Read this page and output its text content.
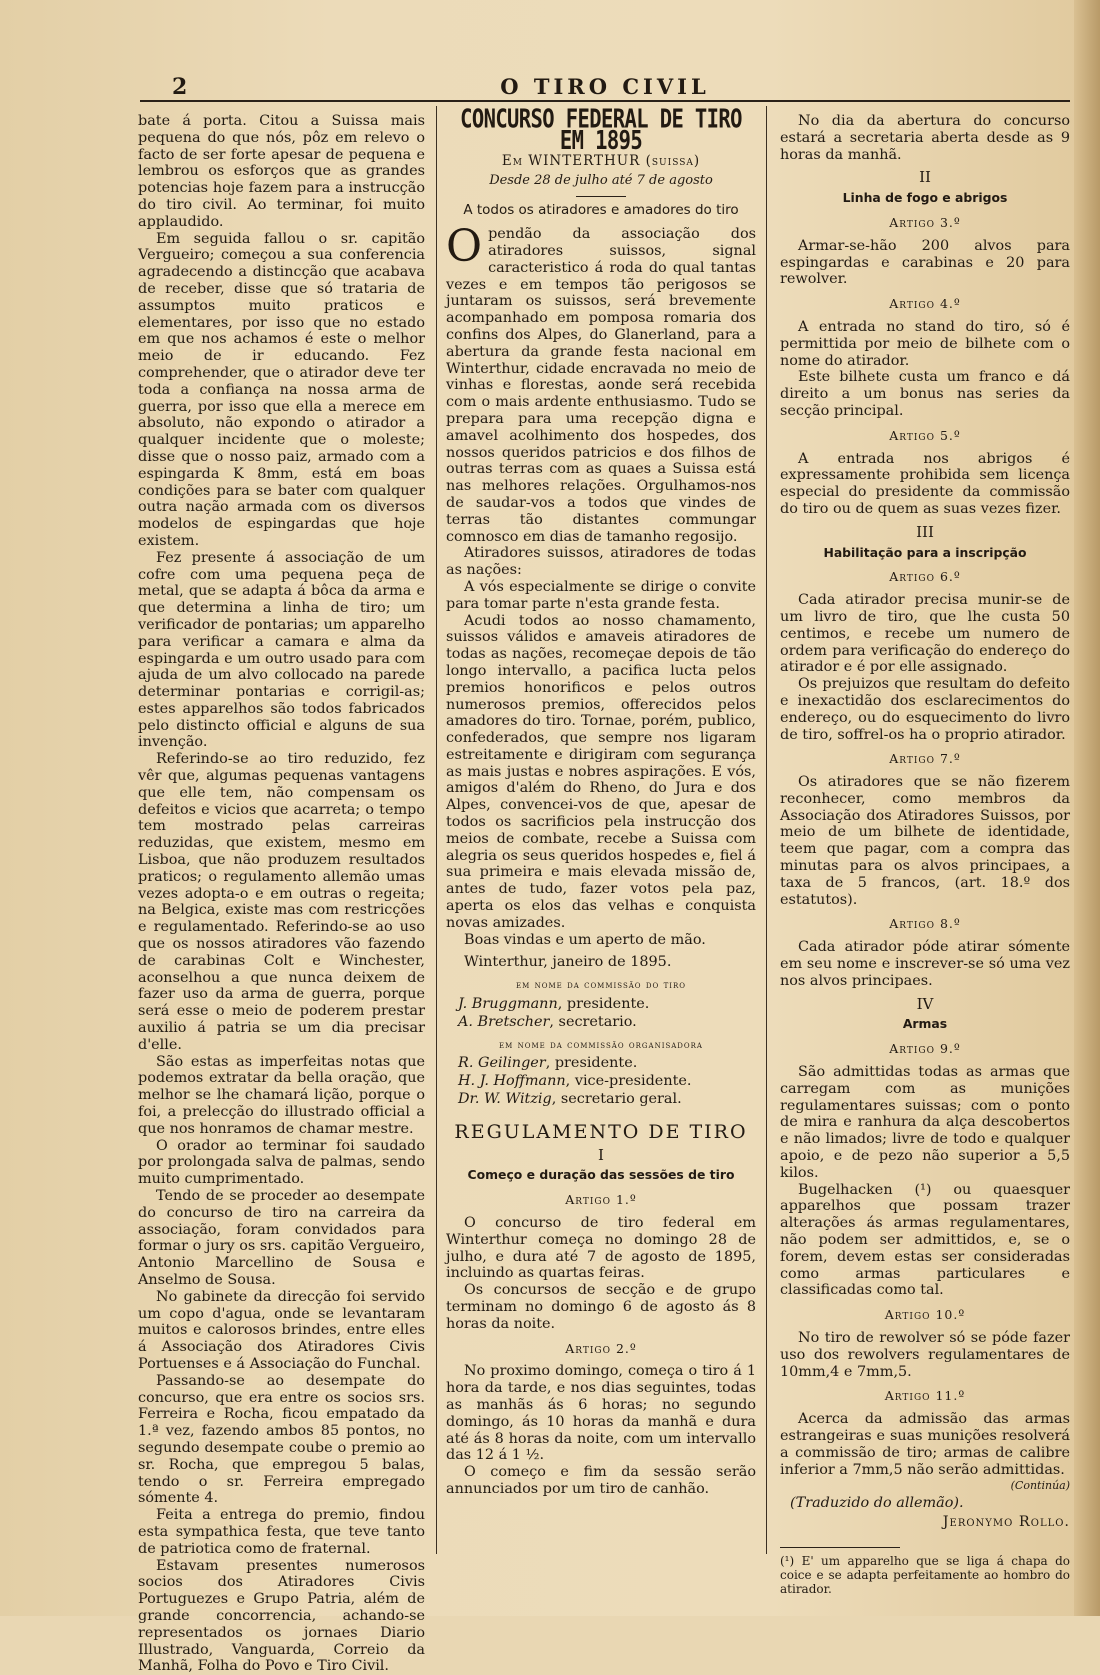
2	O TIRO CIVIL

bate á porta. Citou a Suissa mais pequena do que nós, pôz em relevo o facto de ser forte apesar de pequena e lembrou os esforços que as grandes potencias hoje fazem para a instrucção do tiro civil. Ao terminar, foi muito applaudido.

Em seguida fallou o sr. capitão Vergueiro; começou a sua conferencia agradecendo a distincção que acabava de receber, disse que só trataria de assumptos muito praticos e elementares, por isso que no estado em que nos achamos é este o melhor meio de ir educando. Fez comprehender, que o atirador deve ter toda a confiança na nossa arma de guerra, por isso que ella a merece em absoluto, não expondo o atirador a qualquer incidente que o moleste; disse que o nosso paiz, armado com a espingarda K 8mm, está em boas condições para se bater com qualquer outra nação armada com os diversos modelos de espingardas que hoje existem.

Fez presente á associação de um cofre com uma pequena peça de metal, que se adapta á bôca da arma e que determina a linha de tiro; um verificador de pontarias; um apparelho para verificar a camara e alma da espingarda e um outro usado para com ajuda de um alvo collocado na parede determinar pontarias e corrigil-as; estes apparelhos são todos fabricados pelo distincto official e alguns de sua invenção.

Referindo-se ao tiro reduzido, fez vêr que, algumas pequenas vantagens que elle tem, não compensam os defeitos e vicios que acarreta; o tempo tem mostrado pelas carreiras reduzidas, que existem, mesmo em Lisboa, que não produzem resultados praticos; o regulamento allemão umas vezes adopta-o e em outras o regeita; na Belgica, existe mas com restricções e regulamentado. Referindo-se ao uso que os nossos atiradores vão fazendo de carabinas Colt e Winchester, aconselhou a que nunca deixem de fazer uso da arma de guerra, porque será esse o meio de poderem prestar auxilio á patria se um dia precisar d'elle.

São estas as imperfeitas notas que podemos extratar da bella oração, que melhor se lhe chamará lição, porque o foi, a prelecção do illustrado official a que nos honramos de chamar mestre.

O orador ao terminar foi saudado por prolongada salva de palmas, sendo muito cumprimentado.

Tendo de se proceder ao desempate do concurso de tiro na carreira da associação, foram convidados para formar o jury os srs. capitão Vergueiro, Antonio Marcellino de Sousa e Anselmo de Sousa.

No gabinete da direcção foi servido um copo d'agua, onde se levantaram muitos e calorosos brindes, entre elles á Associação dos Atiradores Civis Portuenses e á Associação do Funchal.

Passando-se ao desempate do concurso, que era entre os socios srs. Ferreira e Rocha, ficou empatado da 1.ª vez, fazendo ambos 85 pontos, no segundo desempate coube o premio ao sr. Rocha, que empregou 5 balas, tendo o sr. Ferreira empregado sómente 4.

Feita a entrega do premio, findou esta sympathica festa, que teve tanto de patriotica como de fraternal.

Estavam presentes numerosos socios dos Atiradores Civis Portuguezes e Grupo Patria, além de grande concorrencia, achando-se representados os jornaes Diario Illustrado, Vanguarda, Correio da Manhã, Folha do Povo e Tiro Civil.

CONCURSO FEDERAL DE TIRO EM 1895
Em WINTERTHUR (suissa)
Desde 28 de julho até 7 de agosto
A todos os atiradores e amadores do tiro

Opendão da associação dos atiradores suissos, signal caracteristico á roda do qual tantas vezes e em tempos tão perigosos se juntaram os suissos, será brevemente acompanhado em pomposa romaria dos confins dos Alpes, do Glanerland, para a abertura da grande festa nacional em Winterthur, cidade encravada no meio de vinhas e florestas, aonde será recebida com o mais ardente enthusiasmo. Tudo se prepara para uma recepção digna e amavel acolhimento dos hospedes, dos nossos queridos patricios e dos filhos de outras terras com as quaes a Suissa está nas melhores relações. Orgulhamos-nos de saudar-vos a todos que vindes de terras tão distantes commungar comnosco em dias de tamanho regosijo.

Atiradores suissos, atiradores de todas as nações:

A vós especialmente se dirige o convite para tomar parte n'esta grande festa.

Acudi todos ao nosso chamamento, suissos válidos e amaveis atiradores de todas as nações, recomeçae depois de tão longo intervallo, a pacifica lucta pelos premios honorificos e pelos outros numerosos premios, offerecidos pelos amadores do tiro. Tornae, porém, publico, confederados, que sempre nos ligaram estreitamente e dirigiram com segurança as mais justas e nobres aspirações. E vós, amigos d'além do Rheno, do Jura e dos Alpes, convencei-vos de que, apesar de todos os sacrificios pela instrucção dos meios de combate, recebe a Suissa com alegria os seus queridos hospedes e, fiel á sua primeira e mais elevada missão de, antes de tudo, fazer votos pela paz, aperta os elos das velhas e conquista novas amizades.

Boas vindas e um aperto de mão.

Winterthur, janeiro de 1895.

em nome da commissão do tiro
J. Bruggmann, presidente.
A. Bretscher, secretario.
em nome da commissão organisadora
R. Geilinger, presidente.
H. J. Hoffmann, vice-presidente.
Dr. W. Witzig, secretario geral.
REGULAMENTO DE TIRO
I
Começo e duração das sessões de tiro
Artigo 1.º

O concurso de tiro federal em Winterthur começa no domingo 28 de julho, e dura até 7 de agosto de 1895, incluindo as quartas feiras.

Os concursos de secção e de grupo terminam no domingo 6 de agosto ás 8 horas da noite.

Artigo 2.º

No proximo domingo, começa o tiro á 1 hora da tarde, e nos dias seguintes, todas as manhãs ás 6 horas; no segundo domingo, ás 10 horas da manhã e dura até ás 8 horas da noite, com um intervallo das 12 á 1 ½.

O começo e fim da sessão serão annunciados por um tiro de canhão.

No dia da abertura do concurso estará a secretaria aberta desde as 9 horas da manhã.

II
Linha de fogo e abrigos
Artigo 3.º

Armar-se-hão 200 alvos para espingardas e carabinas e 20 para rewolver.

Artigo 4.º

A entrada no stand do tiro, só é permittida por meio de bilhete com o nome do atirador.

Este bilhete custa um franco e dá direito a um bonus nas series da secção principal.

Artigo 5.º

A entrada nos abrigos é expressamente prohibida sem licença especial do presidente da commissão do tiro ou de quem as suas vezes fizer.

III
Habilitação para a inscripção
Artigo 6.º

Cada atirador precisa munir-se de um livro de tiro, que lhe custa 50 centimos, e recebe um numero de ordem para verificação do endereço do atirador e é por elle assignado.

Os prejuizos que resultam do defeito e inexactidão dos esclarecimentos do endereço, ou do esquecimento do livro de tiro, soffrel-os ha o proprio atirador.

Artigo 7.º

Os atiradores que se não fizerem reconhecer, como membros da Associação dos Atiradores Suissos, por meio de um bilhete de identidade, teem que pagar, com a compra das minutas para os alvos principaes, a taxa de 5 francos, (art. 18.º dos estatutos).

Artigo 8.º

Cada atirador póde atirar sómente em seu nome e inscrever-se só uma vez nos alvos principaes.

IV
Armas
Artigo 9.º

São admittidas todas as armas que carregam com as munições regulamentares suissas; com o ponto de mira e ranhura da alça descobertos e não limados; livre de todo e qualquer apoio, e de pezo não superior a 5,5 kilos.

Bugelhacken (¹) ou quaesquer apparelhos que possam trazer alterações ás armas regulamentares, não podem ser admittidos, e, se o forem, devem estas ser consideradas como armas particulares e classificadas como tal.

Artigo 10.º

No tiro de rewolver só se póde fazer uso dos rewolvers regulamentares de 10mm,4 e 7mm,5.

Artigo 11.º

Acerca da admissão das armas estrangeiras e suas munições resolverá a commissão de tiro; armas de calibre inferior a 7mm,5 não serão admittidas.

(Continúa)
(Traduzido do allemão).
Jeronymo Rollo.
(¹) E' um apparelho que se liga á chapa do coice e se adapta perfeitamente ao hombro do atirador.
